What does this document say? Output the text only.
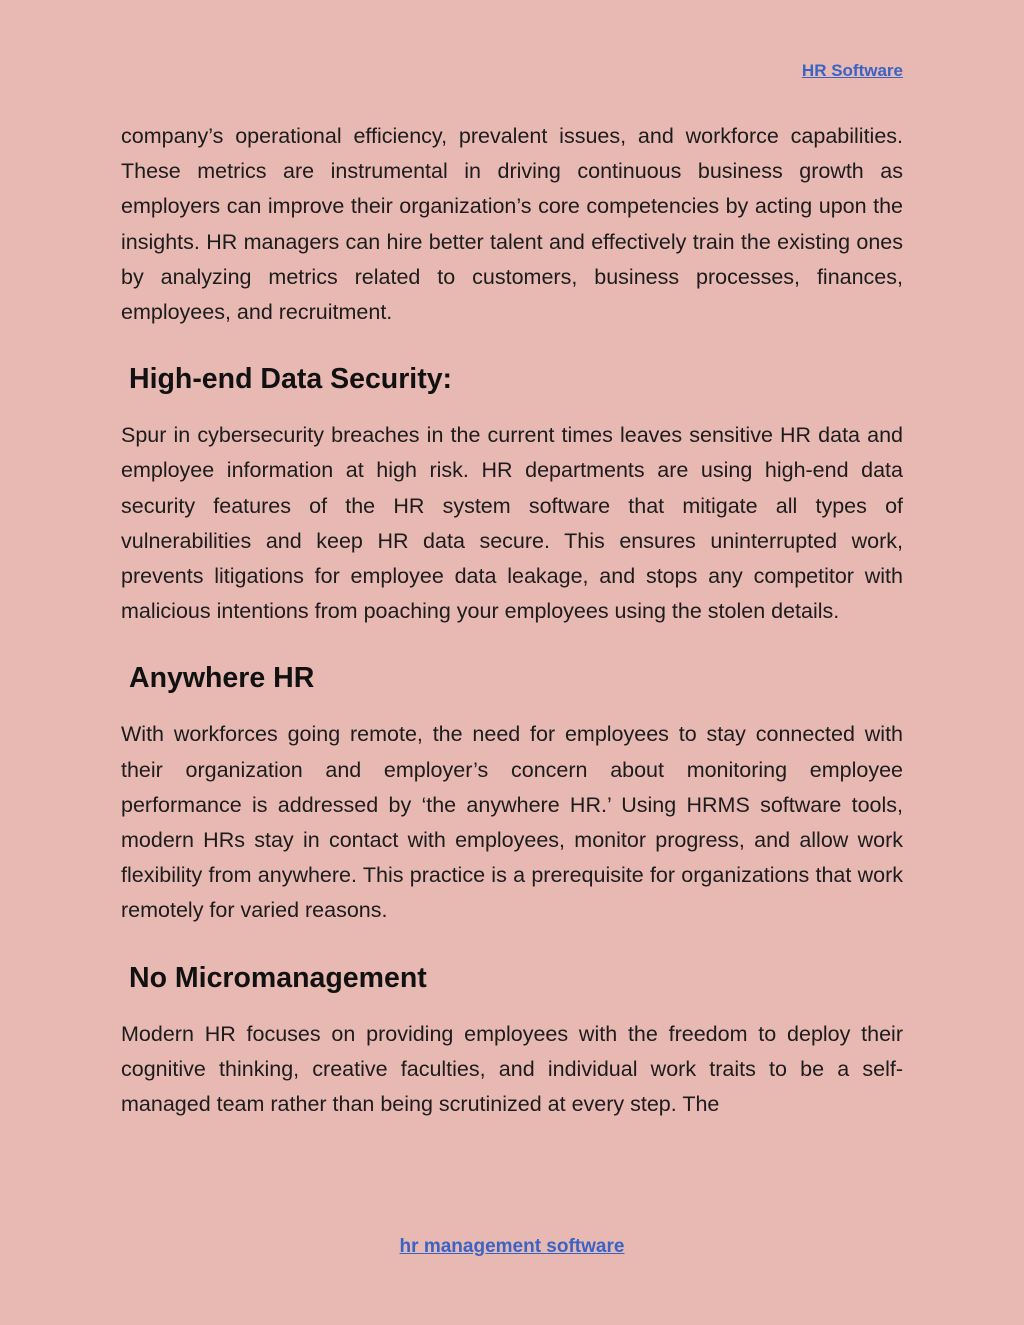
HR Software

company’s operational efficiency, prevalent issues, and workforce capabilities. These metrics are instrumental in driving continuous business growth as employers can improve their organization’s core competencies by acting upon the insights. HR managers can hire better talent and effectively train the existing ones by analyzing metrics related to customers, business processes, finances, employees, and recruitment.

High-end Data Security:

Spur in cybersecurity breaches in the current times leaves sensitive HR data and employee information at high risk. HR departments are using high-end data security features of the HR system software that mitigate all types of vulnerabilities and keep HR data secure. This ensures uninterrupted work, prevents litigations for employee data leakage, and stops any competitor with malicious intentions from poaching your employees using the stolen details.

Anywhere HR

With workforces going remote, the need for employees to stay connected with their organization and employer’s concern about monitoring employee performance is addressed by ‘the anywhere HR.’ Using HRMS software tools, modern HRs stay in contact with employees, monitor progress, and allow work flexibility from anywhere. This practice is a prerequisite for organizations that work remotely for varied reasons.

No Micromanagement

Modern HR focuses on providing employees with the freedom to deploy their cognitive thinking, creative faculties, and individual work traits to be a self-managed team rather than being scrutinized at every step. The

hr management software
